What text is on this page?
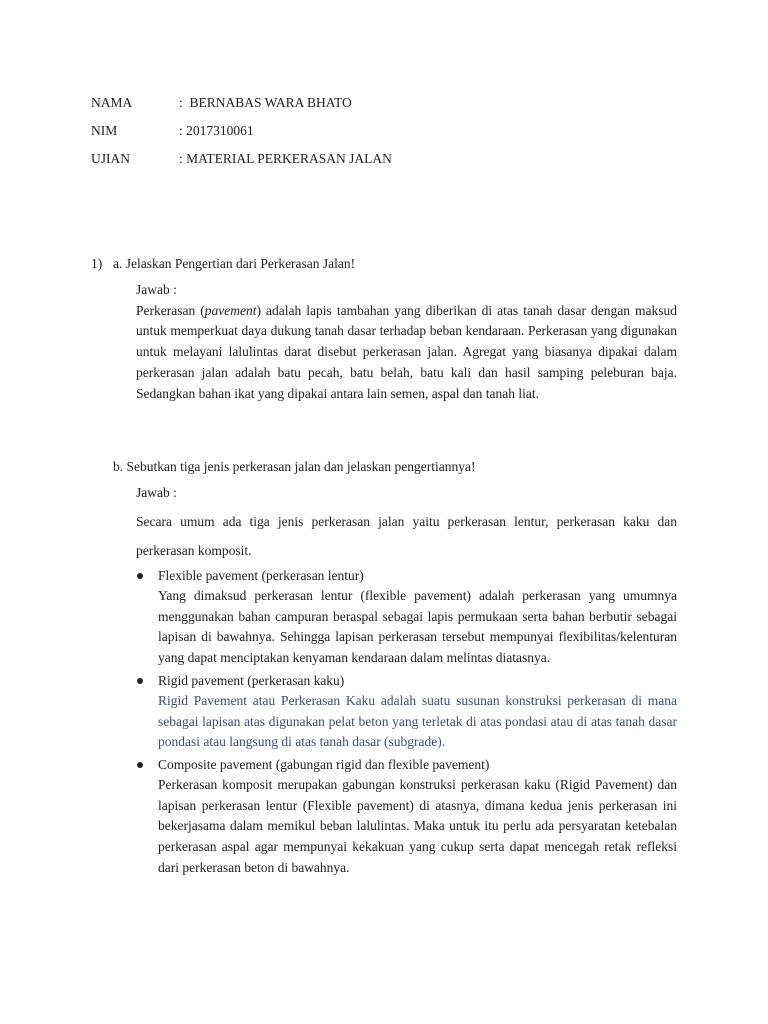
NAMA	:  BERNABAS WARA BHATO
NIM	: 2017310061
UJIAN	: MATERIAL PERKERASAN JALAN
1) a. Jelaskan Pengertian dari Perkerasan Jalan!
Jawab :
Perkerasan (pavement) adalah lapis tambahan yang diberikan di atas tanah dasar dengan maksud untuk memperkuat daya dukung tanah dasar terhadap beban kendaraan. Perkerasan yang digunakan untuk melayani lalulintas darat disebut perkerasan jalan. Agregat yang biasanya dipakai dalam perkerasan jalan adalah batu pecah, batu belah, batu kali dan hasil samping peleburan baja. Sedangkan bahan ikat yang dipakai antara lain semen, aspal dan tanah liat.
b. Sebutkan tiga jenis perkerasan jalan dan jelaskan pengertiannya!
Jawab :
Secara umum ada tiga jenis perkerasan jalan yaitu perkerasan lentur, perkerasan kaku dan perkerasan komposit.
Flexible pavement (perkerasan lentur)
Yang dimaksud perkerasan lentur (flexible pavement) adalah perkerasan yang umumnya menggunakan bahan campuran beraspal sebagai lapis permukaan serta bahan berbutir sebagai lapisan di bawahnya. Sehingga lapisan perkerasan tersebut mempunyai flexibilitas/kelenturan yang dapat menciptakan kenyaman kendaraan dalam melintas diatasnya.
Rigid pavement (perkerasan kaku)
Rigid Pavement atau Perkerasan Kaku adalah suatu susunan konstruksi perkerasan di mana sebagai lapisan atas digunakan pelat beton yang terletak di atas pondasi atau di atas tanah dasar pondasi atau langsung di atas tanah dasar (subgrade).
Composite pavement (gabungan rigid dan flexible pavement)
Perkerasan komposit merupakan gabungan konstruksi perkerasan kaku (Rigid Pavement) dan lapisan perkerasan lentur (Flexible pavement) di atasnya, dimana kedua jenis perkerasan ini bekerjasama dalam memikul beban lalulintas. Maka untuk itu perlu ada persyaratan ketebalan perkerasan aspal agar mempunyai kekakuan yang cukup serta dapat mencegah retak refleksi dari perkerasan beton di bawahnya.
